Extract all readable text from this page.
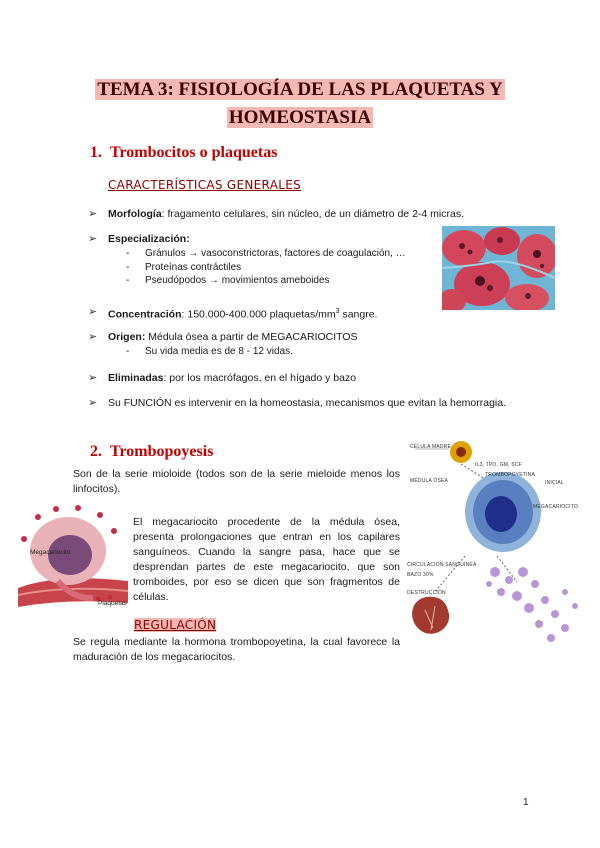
TEMA 3: FISIOLOGÍA DE LAS PLAQUETAS Y
HOMEOSTASIA
1. Trombocitos o plaquetas
CARACTERÍSTICAS GENERALES
➢ Morfología: fragamento celulares, sin núcleo, de un diámetro de 2-4 micras.
➢ Especialización:
- Gránulos → vasoconstrictoras, factores de coagulación, …
- Proteínas contráctiles
- Pseudópodos → movimientos ameboides
➢ Concentración: 150.000-400.000 plaquetas/$mm^3$ sangre.
➢ Origen: Médula ósea a partir de MEGACARIOCITOS
- Su vida media es de 8 - 12 vidas.
➢ Eliminadas: por los macrófagos, en el hígado y bazo
➢ Su FUNCIÓN es intervenir en la homeostasia, mecanismos que evitan la hemorragia.
2. Trombopoyesis
Son de la serie mioloide (todos son de la serie mieloide menos los linfocitos).
Megacariocito
Plaquetas
El megacariocito procedente de la médula ósea, presenta prolongaciones que entran en los capilares sanguíneos. Cuando la sangre pasa, hace que se desprendan partes de este megacariocito, que son tromboides, por eso se dicen que son fragmentos de células.
REGULACIÓN
Se regula mediante la hormona trombopoyetina, la cual favorece la maduración de los megacariocitos.
CÉLULA MADRE
IL3, TPO, GM, SCF
MÉDULA ÓSEA
TROMBOPOYETINA
INICIAL
MEGACARIOCITO
CIRCULACIÓN SANGUÍNEA
BAZO 30%
DESTRUCCIÓN
1
